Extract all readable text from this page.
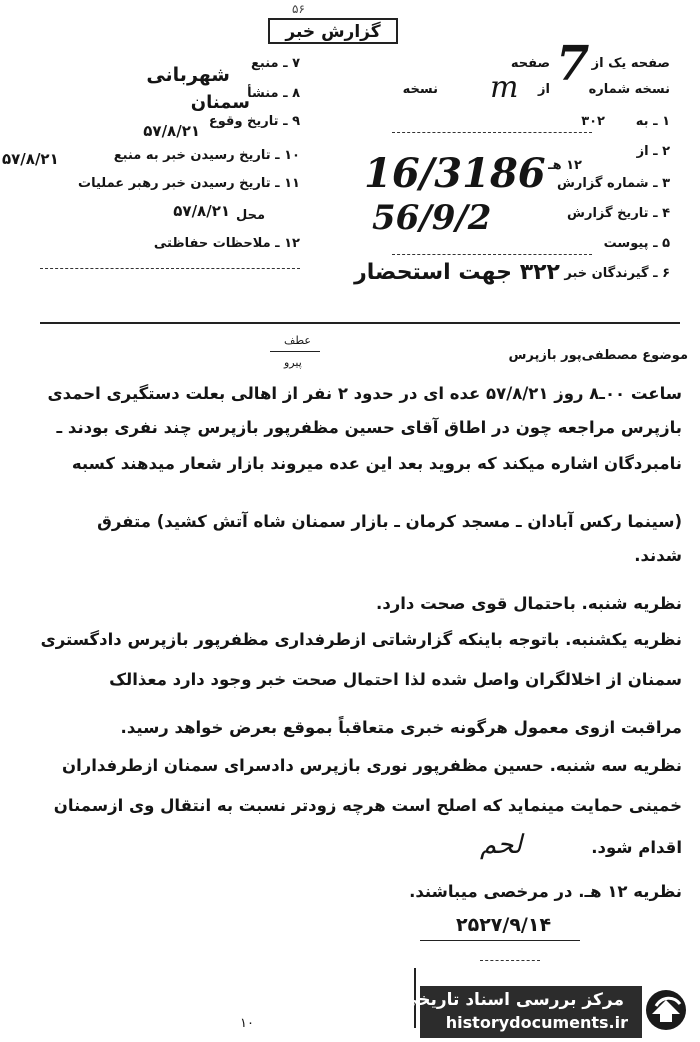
گزارش خبر
۵۶
صفحه یک از
صفحه 7 نسخه شماره
از
نسخه m
۱ ـ به
۳۰۲
۲ ـ از
۱۲ هـ
۳ ـ شماره گزارش
16/3186
۴ ـ تاریخ گزارش
56/9/2
۵ ـ پیوست
۶ ـ گیرندگان خبر
۳۲۲ جهت استحضار
۷ ـ منبع
شهربانی
۸ ـ منشأ
سمنان
۹ ـ تاریخ وقوع
۵۷/۸/۲۱
۱۰ ـ تاریخ رسیدن خبر به منبع
۵۷/۸/۲۱
۱۱ ـ تاریخ رسیدن خبر رهبر عملیات
محل
۵۷/۸/۲۱
۱۲ ـ ملاحظات حفاظتی
عطف
پیرو	موضوع مصطفی‌پور بازپرس
ساعت ۰۰ـ۸ روز ۵۷/۸/۲۱ عده ای در حدود ۲ نفر از اهالی بعلت دستگیری احمدی
بازپرس مراجعه چون در اطاق آقای حسین مظفرپور بازپرس چند نفری بودند ـ
نامبردگان اشاره میکند که بروید بعد این عده میروند بازار شعار میدهند کسبه
(سینما رکس آبادان ـ مسجد کرمان ـ بازار سمنان شاه آتش کشید) متفرق
شدند.
نظریه شنبه. باحتمال قوی صحت دارد.
نظریه یکشنبه. باتوجه باینکه گزارشاتی ازطرفداری مظفرپور بازپرس دادگستری
سمنان از اخلالگران واصل شده لذا احتمال صحت خبر وجود دارد معذالک
مراقبت ازوی معمول هرگونه خبری متعاقباً بموقع بعرض خواهد رسید.
نظریه سه شنبه. حسین مظفرپور نوری بازپرس دادسرای سمنان ازطرفداران
خمینی حمایت مینماید که اصلح است هرچه زودتر نسبت به انتقال وی ازسمنان
اقدام شود.
نظریه ۱۲ هـ. در مرخصی میباشند.
لحم
۲۵۲۷/۹/۱۴
۱۰
مرکز بررسی اسناد تاریخی
historydocuments.ir
